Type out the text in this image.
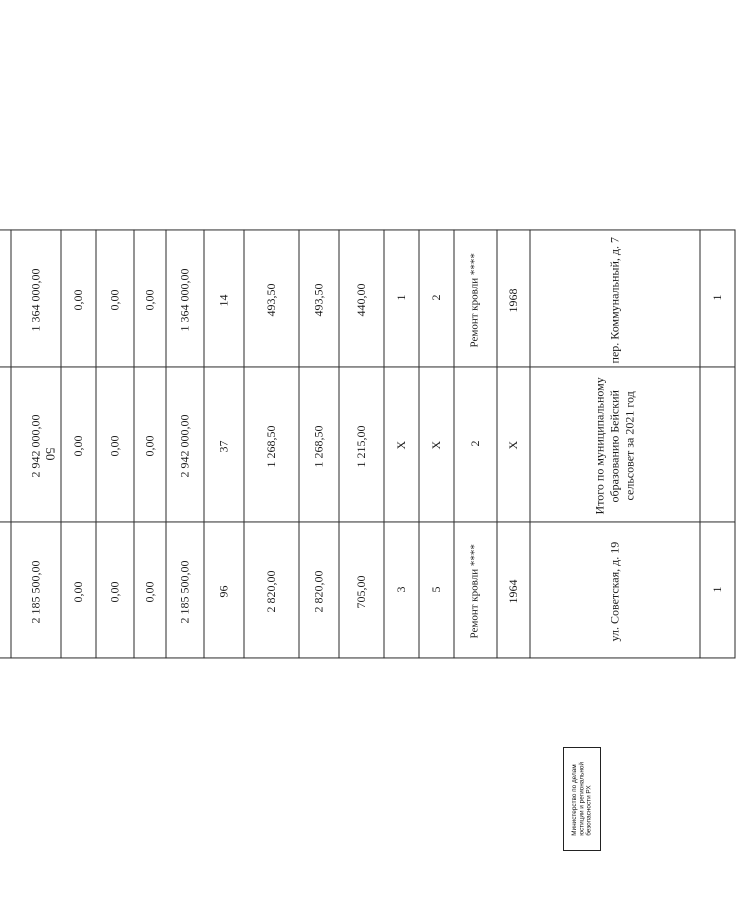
50
1	ул. Советская, д. 19	1964	Ремонт кровли ****	5	3	705,00	2 820,00	2 820,00	96	2 185 500,00	0,00	0,00	0,00	2 185 500,00			
	Итого по муниципальному образованию Бейский сельсовет за 2021 год	X	2	X	X	1 215,00	1 268,50	1 268,50	37	2 942 000,00	0,00	0,00	0,00	2 942 000,00			
1	пер. Коммунальный, д. 7	1968	Ремонт кровли ****	2	1	440,00	493,50	493,50	14	1 364 000,00	0,00	0,00	0,00	1 364 000,00			
Министерство по делам юстиции и региональной безопасности РХ
